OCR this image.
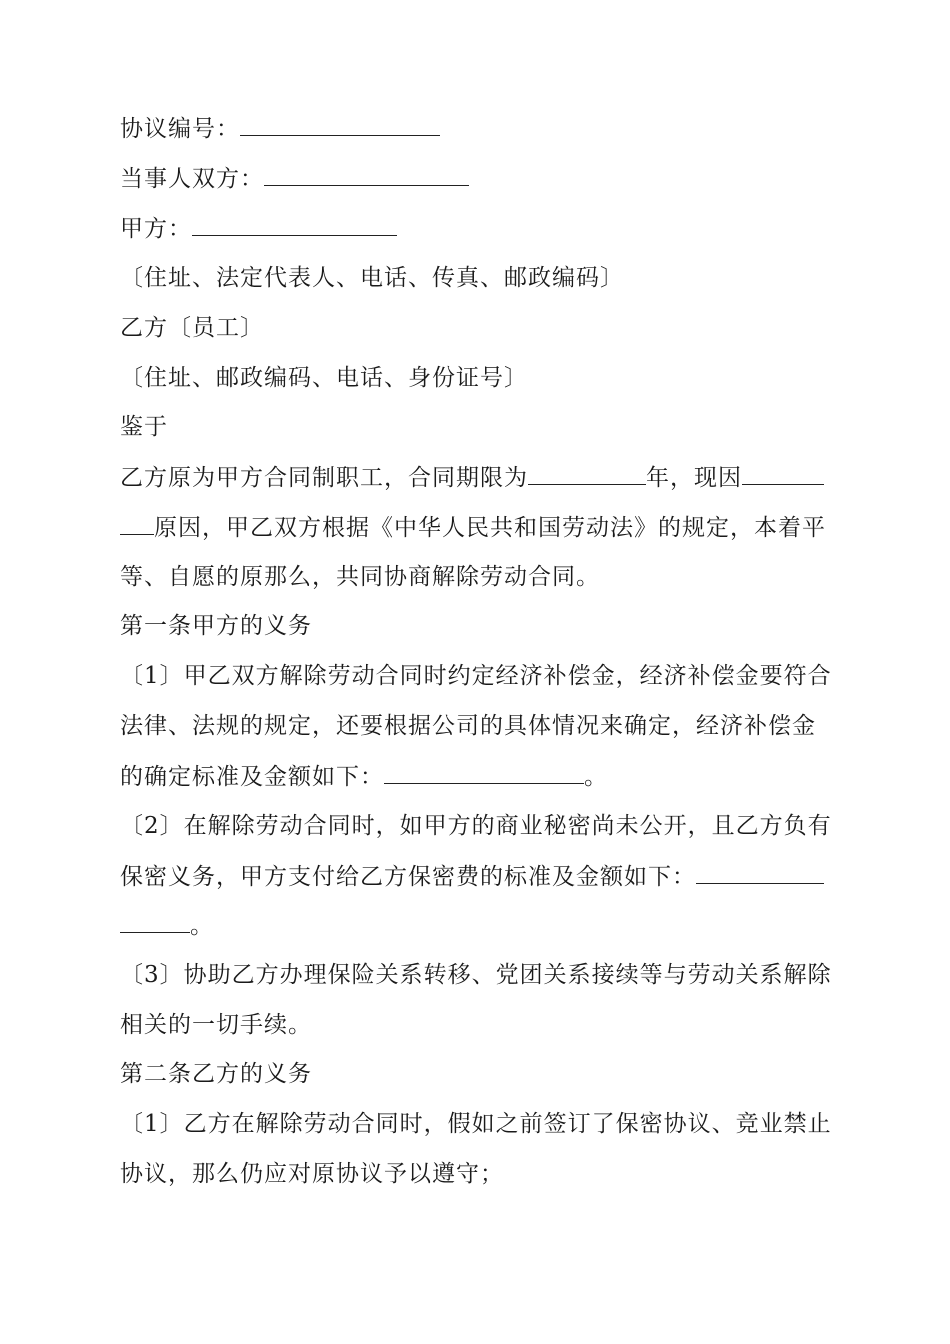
协议编号：
当事人双方：
甲方：
〔住址、法定代表人、电话、传真、邮政编码〕
乙方〔员工〕
〔住址、邮政编码、电话、身份证号〕
鉴于
乙方原为甲方合同制职工，合同期限为	年，现因
原因，甲乙双方根据《中华人民共和国劳动法》的规定，本着平
等、自愿的原那么，共同协商解除劳动合同。
第一条甲方的义务
〔1〕甲乙双方解除劳动合同时约定经济补偿金，经济补偿金要符合
法律、法规的规定，还要根据公司的具体情况来确定，经济补偿金
的确定标准及金额如下：	。
〔2〕在解除劳动合同时，如甲方的商业秘密尚未公开，且乙方负有
保密义务，甲方支付给乙方保密费的标准及金额如下：
。
〔3〕协助乙方办理保险关系转移、党团关系接续等与劳动关系解除
相关的一切手续。
第二条乙方的义务
〔1〕乙方在解除劳动合同时，假如之前签订了保密协议、竞业禁止
协议，那么仍应对原协议予以遵守；
